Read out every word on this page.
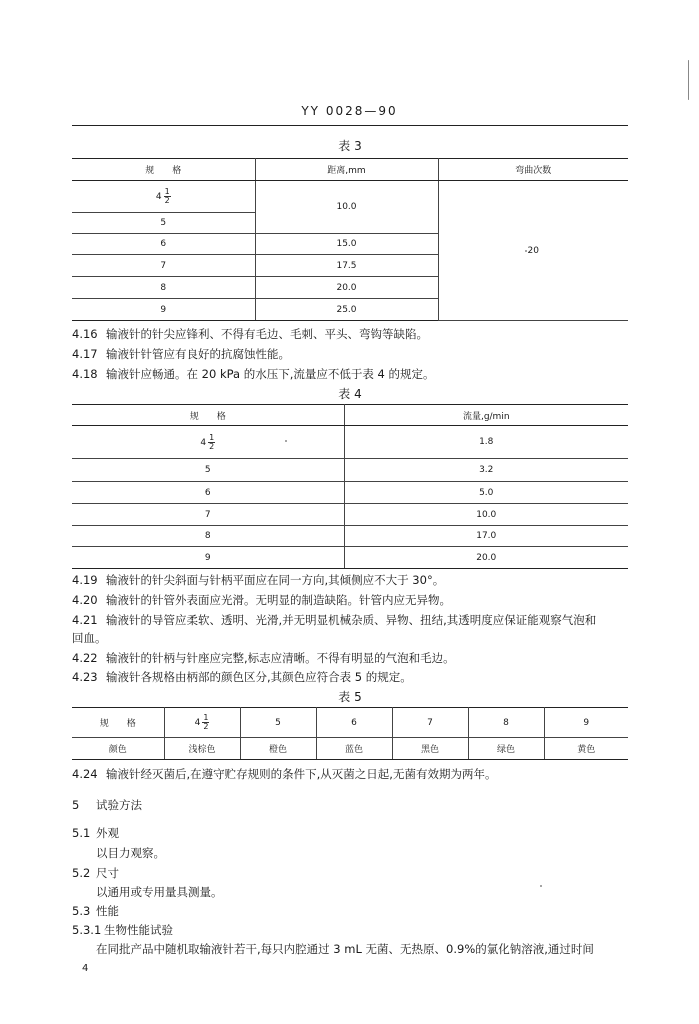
YY 0028—90
表 3
规　　格	距离,mm	弯曲次数
$4 \frac{1}{2}$	10.0	20
5		
6	15.0	
7	17.5	
8	20.0	
9	25.0	
4.16 输液针的针尖应锋利、不得有毛边、毛刺、平头、弯钩等缺陷。
4.17 输液针针管应有良好的抗腐蚀性能。
4.18 输液针应畅通。在 20 kPa 的水压下,流量应不低于表 4 的规定。
表 4
规　　格	流量,g/min
$4 \frac{1}{2}$	1.8
5	3.2
6	5.0
7	10.0
8	17.0
9	20.0
4.19 输液针的针尖斜面与针柄平面应在同一方向,其倾侧应不大于 30°。
4.20 输液针的针管外表面应光滑。无明显的制造缺陷。针管内应无异物。
4.21 输液针的导管应柔软、透明、光滑,并无明显机械杂质、异物、扭结,其透明度应保证能观察气泡和
回血。
4.22 输液针的针柄与针座应完整,标志应清晰。不得有明显的气泡和毛边。
4.23 输液针各规格由柄部的颜色区分,其颜色应符合表 5 的规定。
表 5
规　　格	$4 \frac{1}{2}$	5	6	7	8	9
颜色	浅棕色	橙色	蓝色	黑色	绿色	黄色
4.24 输液针经灭菌后,在遵守贮存规则的条件下,从灭菌之日起,无菌有效期为两年。
5 试验方法
5.1 外观
以目力观察。
5.2 尺寸
以通用或专用量具测量。
5.3 性能
5.3.1 生物性能试验
在同批产品中随机取输液针若干,每只内腔通过 3 mL 无菌、无热原、0.9%的氯化钠溶液,通过时间
4
